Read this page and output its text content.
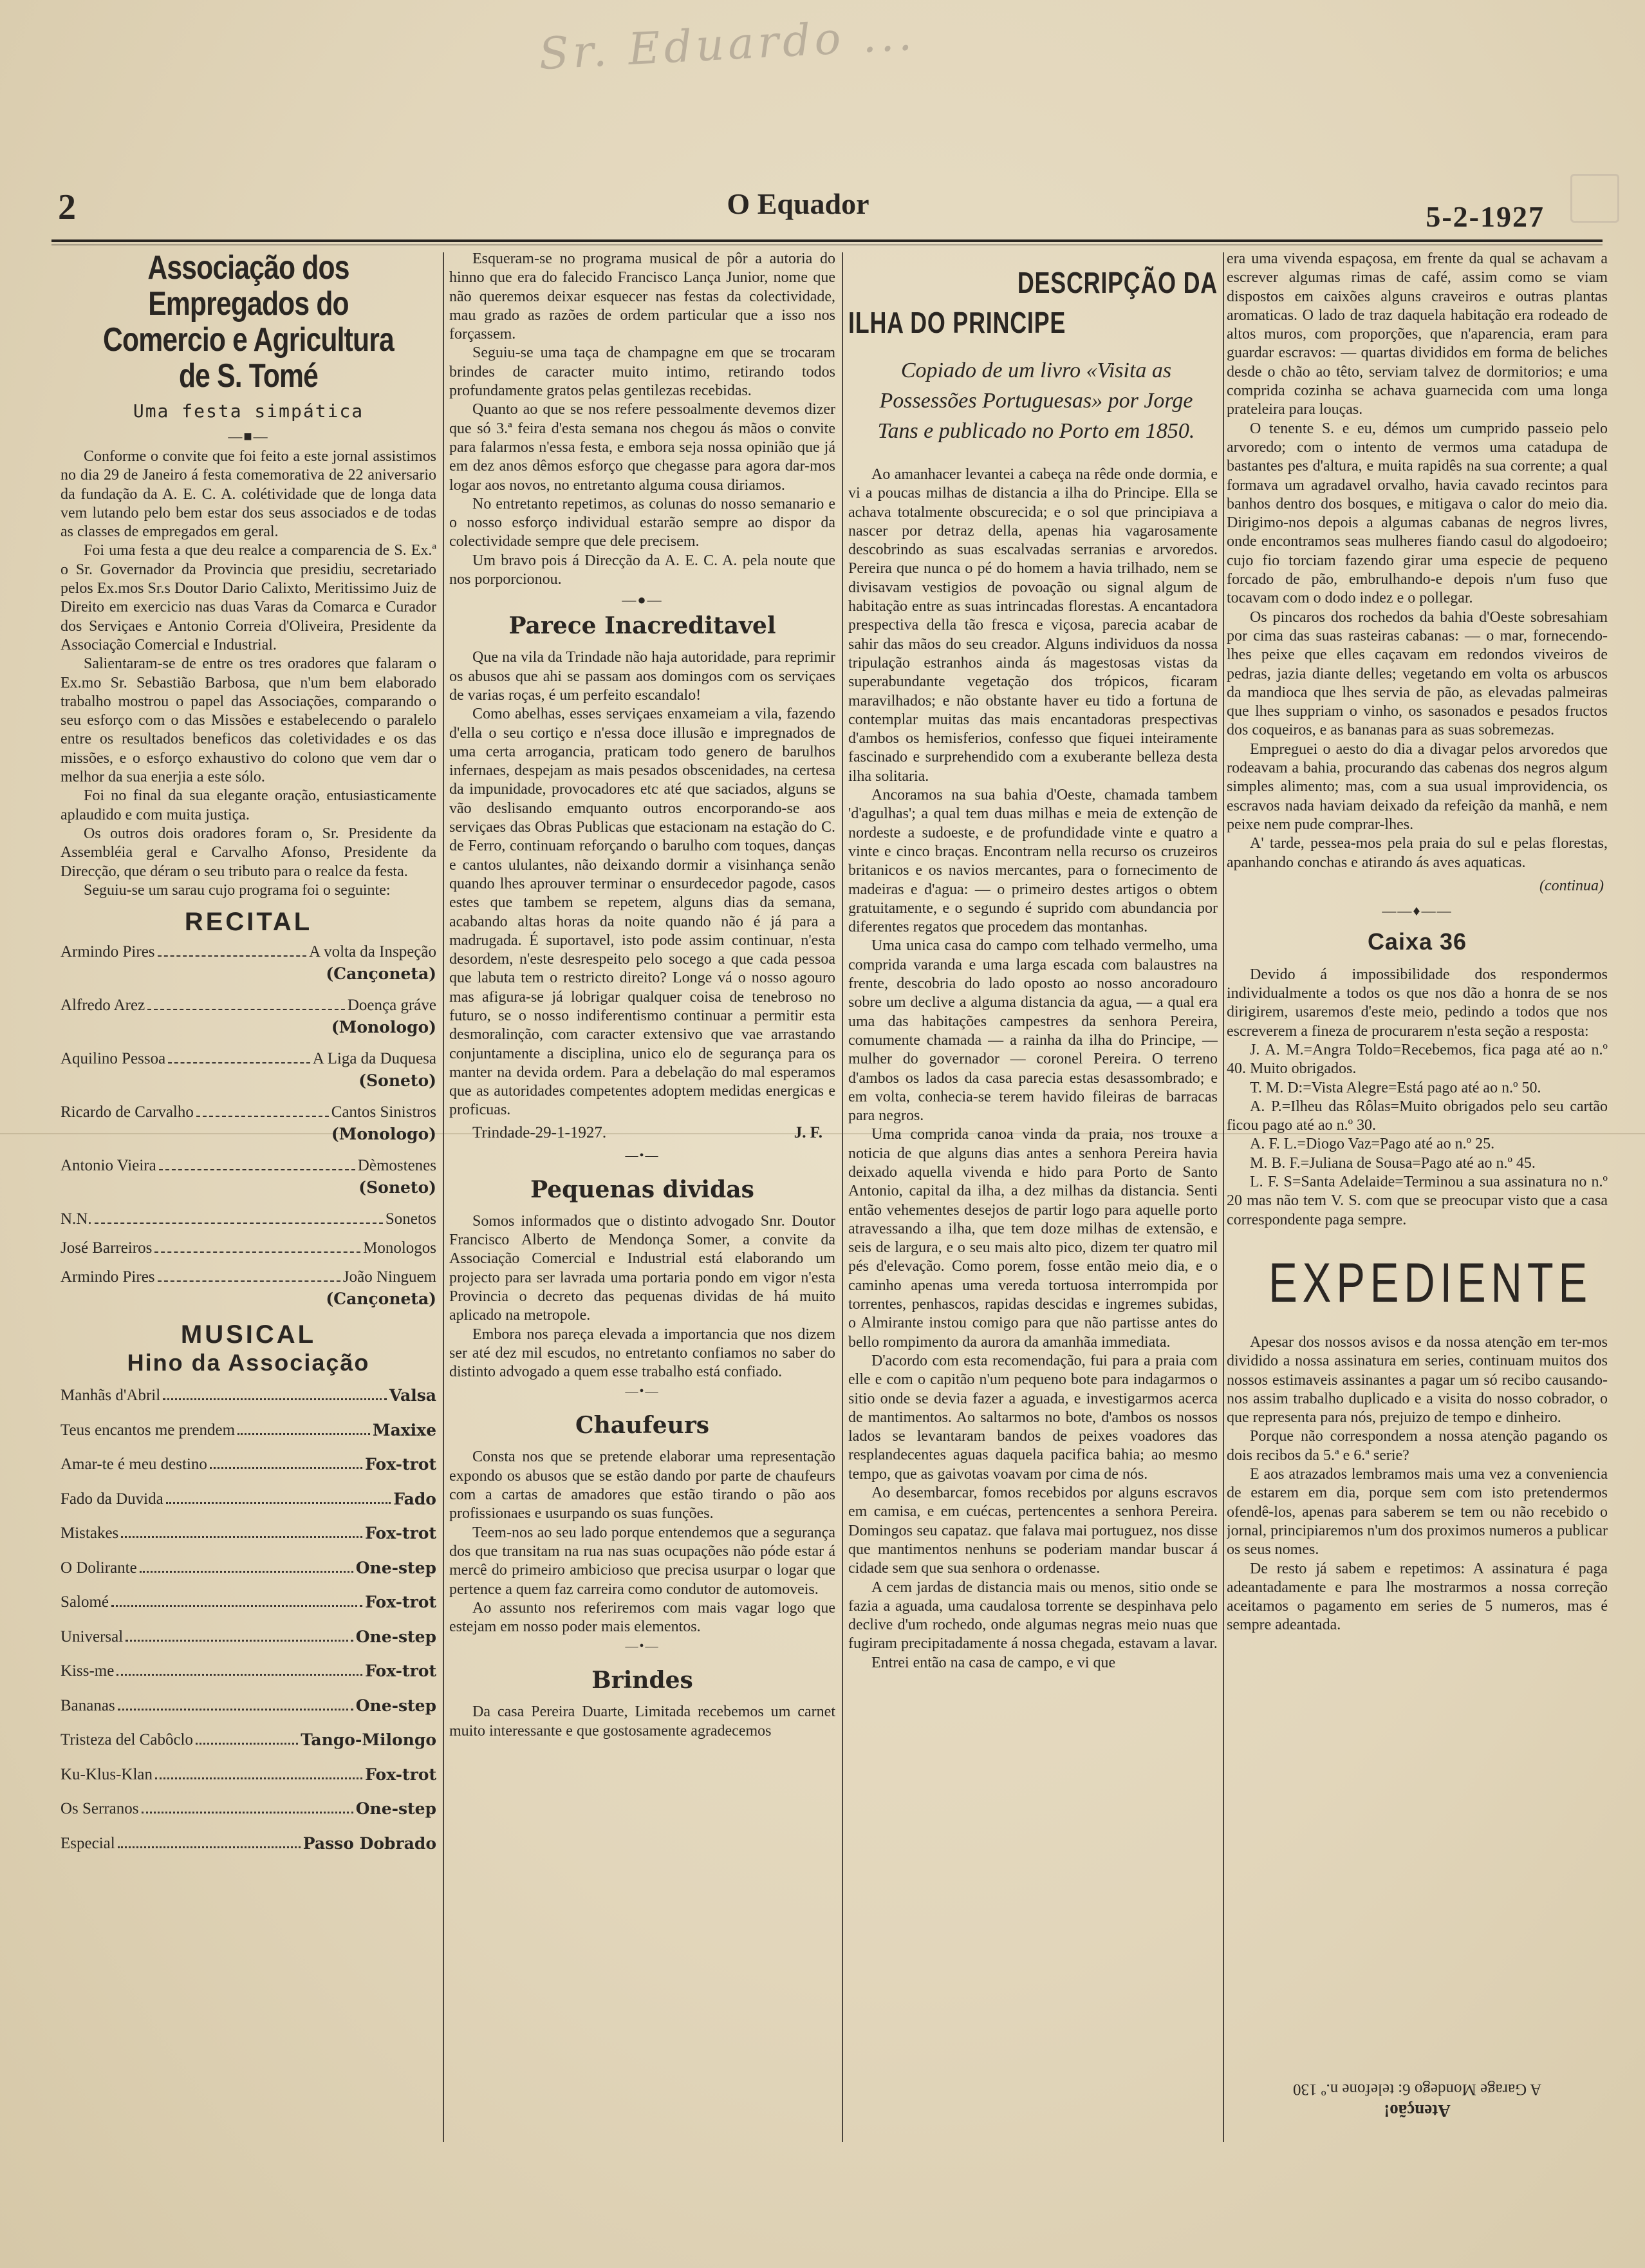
Sr. Eduardo ...
2	O Equador	5-2-1927
Associação dos Empregados do Comercio e Agricultura de S. Tomé
Uma festa simpática
—■—

Conforme o convite que foi feito a este jornal assistimos no dia 29 de Janeiro á festa comemorativa de 22 aniversario da fundação da A. E. C. A. colétividade que de longa data vem lutando pelo bem estar dos seus associados e de todas as classes de empregados em geral.

Foi uma festa a que deu realce a comparencia de S. Ex.ª o Sr. Governador da Provincia que presidiu, secretariado pelos Ex.mos Sr.s Doutor Dario Calixto, Meritissimo Juiz de Direito em exercicio nas duas Varas da Comarca e Curador dos Serviçaes e Antonio Correia d'Oliveira, Presidente da Associação Comercial e Industrial.

Salientaram-se de entre os tres oradores que falaram o Ex.mo Sr. Sebastião Barbosa, que n'um bem elaborado trabalho mostrou o papel das Associações, comparando o seu esforço com o das Missões e estabelecendo o paralelo entre os resultados beneficos das coletividades e os das missões, e o esforço exhaustivo do colono que vem dar o melhor da sua enerjia a este sólo.

Foi no final da sua elegante oração, entusiasticamente aplaudido e com muita justiça.

Os outros dois oradores foram o, Sr. Presidente da Assembléia geral e Carvalho Afonso, Presidente da Direcção, que déram o seu tributo para o realce da festa.

Seguiu-se um sarau cujo programa foi o seguinte:

RECITAL
Armindo Pires	A volta da Inspeção
(Cançoneta)
Alfredo Arez	Doença gráve
(Monologo)
Aquilino Pessoa	A Liga da Duquesa
(Soneto)
Ricardo de Carvalho	Cantos Sinistros
(Monologo)
Antonio Vieira	Dèmostenes
(Soneto)
N.N.	Sonetos
José Barreiros	Monologos
Armindo Pires	João Ninguem
(Cançoneta)
MUSICAL
Hino da Associação
Manhãs d'Abril	Valsa
Teus encantos me prendem	Maxixe
Amar-te é meu destino	Fox-trot
Fado da Duvida	Fado
Mistakes	Fox-trot
O Dolirante	One-step
Salomé	Fox-trot
Universal	One-step
Kiss-me	Fox-trot
Bananas	One-step
Tristeza del Cabôclo	Tango-Milongo
Ku-Klus-Klan	Fox-trot
Os Serranos	One-step
Especial	Passo Dobrado

Esqueram-se no programa musical de pôr a autoria do hinno que era do falecido Francisco Lança Junior, nome que não queremos deixar esquecer nas festas da colectividade, mau grado as razões de ordem particular que a isso nos forçassem.

Seguiu-se uma taça de champagne em que se trocaram brindes de caracter muito intimo, retirando todos profundamente gratos pelas gentilezas recebidas.

Quanto ao que se nos refere pessoalmente devemos dizer que só 3.ª feira d'esta semana nos chegou ás mãos o convite para falarmos n'essa festa, e embora seja nossa opinião que já em dez anos dêmos esforço que chegasse para agora dar-mos logar aos novos, no entretanto alguma cousa diriamos.

No entretanto repetimos, as colunas do nosso semanario e o nosso esforço individual estarão sempre ao dispor da colectividade sempre que dele precisem.

Um bravo pois á Direcção da A. E. C. A. pela noute que nos porporcionou.

—●—
Parece Inacreditavel

Que na vila da Trindade não haja autoridade, para reprimir os abusos que ahi se passam aos domingos com os serviçaes de varias roças, é um perfeito escandalo!

Como abelhas, esses serviçaes enxameiam a vila, fazendo d'ella o seu cortiço e n'essa doce illusão e impregnados de uma certa arrogancia, praticam todo genero de barulhos infernaes, despejam as mais pesados obscenidades, na certesa da impunidade, provocadores etc até que saciados, alguns se vão deslisando emquanto outros encorporando-se aos serviçaes das Obras Publicas que estacionam na estação do C. de Ferro, continuam reforçando o barulho com toques, danças e cantos ululantes, não deixando dormir a visinhança senão quando lhes aprouver terminar o ensurdecedor pagode, casos estes que tambem se repetem, alguns dias da semana, acabando altas horas da noite quando não é já para a madrugada. É suportavel, isto pode assim continuar, n'esta desordem, n'este desrespeito pelo socego a que cada pessoa que labuta tem o restricto direito? Longe vá o nosso agouro mas afigura-se já lobrigar qualquer coisa de tenebroso no futuro, se o nosso indiferentismo continuar a permitir esta desmoralinção, com caracter extensivo que vae arrastando conjuntamente a disciplina, unico elo de segurança para os manter na devida ordem. Para a debelação do mal esperamos que as autoridades competentes adoptem medidas energicas e proficuas.

Trindade-29-1-1927.	J. F.
—•—
Pequenas dividas

Somos informados que o distinto advogado Snr. Doutor Francisco Alberto de Mendonça Somer, a convite da Associação Comercial e Industrial está elaborando um projecto para ser lavrada uma portaria pondo em vigor n'esta Provincia o decreto das pequenas dividas de há muito aplicado na metropole.

Embora nos pareça elevada a importancia que nos dizem ser até dez mil escudos, no entretanto confiamos no saber do distinto advogado a quem esse trabalho está confiado.

—•—
Chaufeurs

Consta nos que se pretende elaborar uma representação expondo os abusos que se estão dando por parte de chaufeurs com a cartas de amadores que estão tirando o pão aos profissionaes e usurpando os suas funções.

Teem-nos ao seu lado porque entendemos que a segurança dos que transitam na rua nas suas ocupações não póde estar á mercê do primeiro ambicioso que precisa usurpar o logar que pertence a quem faz carreira como condutor de automoveis.

Ao assunto nos referiremos com mais vagar logo que estejam em nosso poder mais elementos.

—•—
Brindes

Da casa Pereira Duarte, Limitada recebemos um carnet muito interessante e que gostosamente agradecemos

DESCRIPÇÃO DA
ILHA DO PRINCIPE
Copiado de um livro «Visita as Possessões Portuguesas» por Jorge Tans e publicado no Porto em 1850.

Ao amanhacer levantei a cabeça na rêde onde dormia, e vi a poucas milhas de distancia a ilha do Principe. Ella se achava totalmente obscurecida; e o sol que principiava a nascer por detraz della, apenas hia vagarosamente descobrindo as suas escalvadas serranias e arvoredos. Pereira que nunca o pé do homem a havia trilhado, nem se divisavam vestigios de povoação ou signal algum de habitação entre as suas intrincadas florestas. A encantadora prespectiva della tão fresca e viçosa, parecia acabar de sahir das mãos do seu creador. Alguns individuos da nossa tripulação estranhos ainda ás magestosas vistas da superabundante vegetação dos trópicos, ficaram maravilhados; e não obstante haver eu tido a fortuna de contemplar muitas das mais encantadoras prespectivas d'ambos os hemisferios, confesso que fiquei inteiramente fascinado e surprehendido com a exuberante belleza desta ilha solitaria.

Ancoramos na sua bahia d'Oeste, chamada tambem 'd'agulhas'; a qual tem duas milhas e meia de extenção de nordeste a sudoeste, e de profundidade vinte e quatro a vinte e cinco braças. Encontram nella recurso os cruzeiros britanicos e os navios mercantes, para o fornecimento de madeiras e d'agua: — o primeiro destes artigos o obtem gratuitamente, e o segundo é suprido com abundancia por diferentes regatos que procedem das montanhas.

Uma unica casa do campo com telhado vermelho, uma comprida varanda e uma larga escada com balaustres na frente, descobria do lado oposto ao nosso ancoradouro sobre um declive a alguma distancia da agua, — a qual era uma das habitações campestres da senhora Pereira, comumente chamada — a rainha da ilha do Principe, — mulher do governador — coronel Pereira. O terreno d'ambos os lados da casa parecia estas desassombrado; e em volta, conhecia-se terem havido fileiras de barracas para negros.

Uma comprida canoa vinda da praia, nos trouxe a noticia de que alguns dias antes a senhora Pereira havia deixado aquella vivenda e hido para Porto de Santo Antonio, capital da ilha, a dez milhas da distancia. Senti então vehementes desejos de partir logo para aquelle porto atravessando a ilha, que tem doze milhas de extensão, e seis de largura, e o seu mais alto pico, dizem ter quatro mil pés d'elevação. Como porem, fosse então meio dia, e o caminho apenas uma vereda tortuosa interrompida por torrentes, penhascos, rapidas descidas e ingremes subidas, o Almirante instou comigo para que não partisse antes do bello rompimento da aurora da amanhãa immediata.

D'acordo com esta recomendação, fui para a praia com elle e com o capitão n'um pequeno bote para indagarmos o sitio onde se devia fazer a aguada, e investigarmos acerca de mantimentos. Ao saltarmos no bote, d'ambos os nossos lados se levantaram bandos de peixes voadores das resplandecentes aguas daquela pacifica bahia; ao mesmo tempo, que as gaivotas voavam por cima de nós.

Ao desembarcar, fomos recebidos por alguns escravos em camisa, e em cuécas, pertencentes a senhora Pereira. Domingos seu capataz. que falava mai portuguez, nos disse que mantimentos nenhuns se poderiam mandar buscar á cidade sem que sua senhora o ordenasse.

A cem jardas de distancia mais ou menos, sitio onde se fazia a aguada, uma caudalosa torrente se despinhava pelo declive d'um rochedo, onde algumas negras meio nuas que fugiram precipitadamente á nossa chegada, estavam a lavar.

Entrei então na casa de campo, e vi que

era uma vivenda espaçosa, em frente da qual se achavam a escrever algumas rimas de café, assim como se viam dispostos em caixões alguns craveiros e outras plantas aromaticas. O lado de traz daquela habitação era rodeado de altos muros, com proporções, que n'aparencia, eram para guardar escravos: — quartas divididos em forma de beliches desde o chão ao têto, serviam talvez de dormitorios; e uma comprida cozinha se achava guarnecida com uma longa prateleira para louças.

O tenente S. e eu, démos um cumprido passeio pelo arvoredo; com o intento de vermos uma catadupa de bastantes pes d'altura, e muita rapidês na sua corrente; a qual formava um agradavel orvalho, havia cavado recintos para banhos dentro dos bosques, e mitigava o calor do meio dia. Dirigimo-nos depois a algumas cabanas de negros livres, onde encontramos seas mulheres fiando casul do algodoeiro; cujo fio torciam fazendo girar uma especie de pequeno forcado de pão, embrulhando-e depois n'um fuso que tocavam com o dodo indez e o pollegar.

Os pincaros dos rochedos da bahia d'Oeste sobresahiam por cima das suas rasteiras cabanas: — o mar, fornecendo-lhes peixe que elles caçavam em redondos viveiros de pedras, jazia diante delles; vegetando em volta os arbuscos da mandioca que lhes servia de pão, as elevadas palmeiras que lhes suppriam o vinho, os sasonados e pesados fructos dos coqueiros, e as bananas para as suas sobremezas.

Empreguei o aesto do dia a divagar pelos arvoredos que rodeavam a bahia, procurando das cabenas dos negros algum simples alimento; mas, com a sua usual improvidencia, os escravos nada haviam deixado da refeição da manhã, e nem peixe nem pude comprar-lhes.

A' tarde, pessea-mos pela praia do sul e pelas florestas, apanhando conchas e atirando ás aves aquaticas.

(continua)
——♦——
Caixa 36

Devido á impossibilidade dos respondermos individualmente a todos os que nos dão a honra de se nos dirigirem, usaremos d'este meio, pedindo a todos que nos escreverem a fineza de procurarem n'esta seção a resposta:

J. A. M.=Angra Toldo=Recebemos, fica paga até ao n.º 40. Muito obrigados.

T. M. D:=Vista Alegre=Está pago até ao n.º 50.

A. P.=Ilheu das Rôlas=Muito obrigados pelo seu cartão ficou pago até ao n.º 30.

A. F. L.=Diogo Vaz=Pago até ao n.º 25.

M. B. F.=Juliana de Sousa=Pago até ao n.º 45.

L. F. S=Santa Adelaide=Terminou a sua assinatura no n.º 20 mas não tem V. S. com que se preocupar visto que a casa correspondente paga sempre.

EXPEDIENTE

Apesar dos nossos avisos e da nossa atenção em ter-mos dividido a nossa assinatura em series, continuam muitos dos nossos estimaveis assinantes a pagar um só recibo causando-nos assim trabalho duplicado e a visita do nosso cobrador, o que representa para nós, prejuizo de tempo e dinheiro.

Porque não correspondem a nossa atenção pagando os dois recibos da 5.ª e 6.ª serie?

E aos atrazados lembramos mais uma vez a conveniencia de estarem em dia, porque sem com isto pretendermos ofendê-los, apenas para saberem se tem ou não recebido o jornal, principiaremos n'um dos proximos numeros a publicar os seus nomes.

De resto já sabem e repetimos: A assinatura é paga adeantadamente e para lhe mostrarmos a nossa correção aceitamos o pagamento em series de 5 numeros, mas é sempre adeantada.

Atenção!
A Garage Mondego 6: telefone n.º 130
